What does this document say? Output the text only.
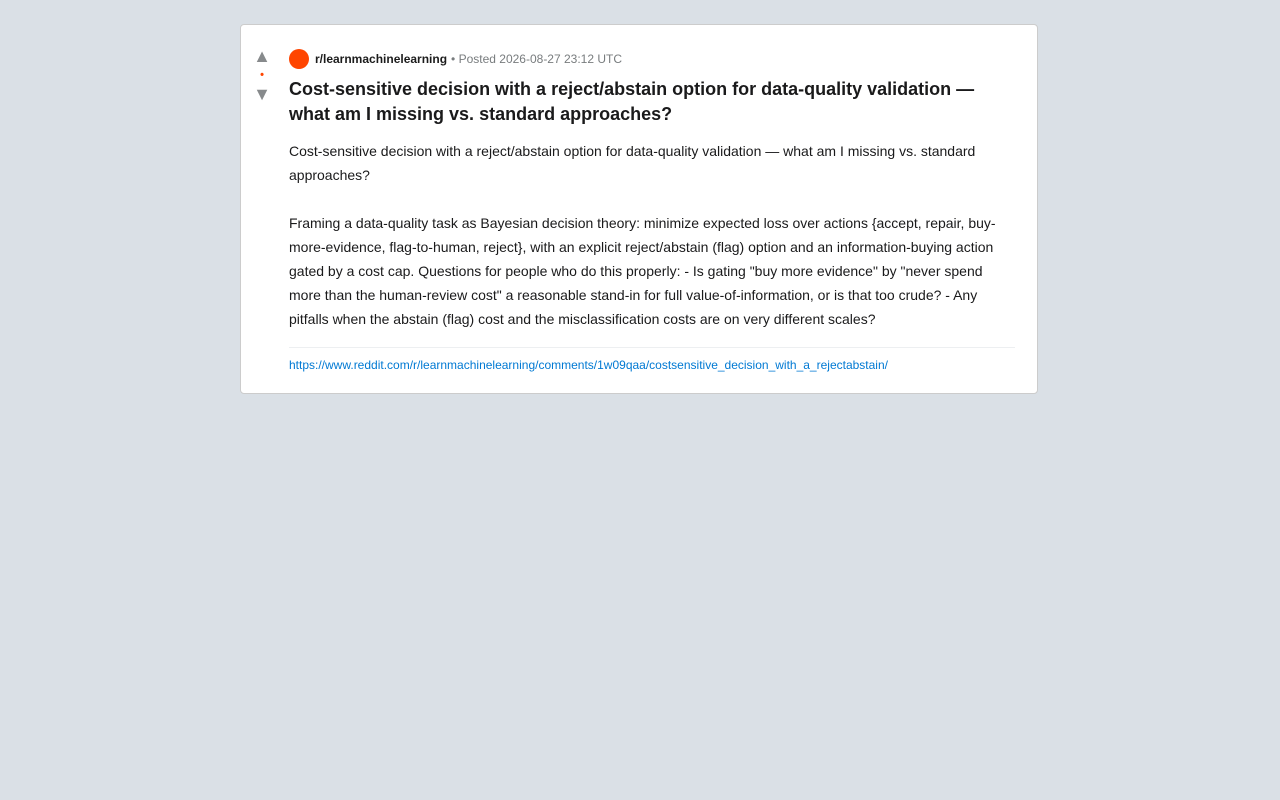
▲
•
▼
r/learnmachinelearning • Posted 2026-08-27 23:12 UTC
Cost-sensitive decision with a reject/abstain option for data-quality validation — what am I missing vs. standard approaches?

Cost-sensitive decision with a reject/abstain option for data-quality validation — what am I missing vs. standard approaches?

Framing a data-quality task as Bayesian decision theory: minimize expected loss over actions {accept, repair, buy-more-evidence, flag-to-human, reject}, with an explicit reject/abstain (flag) option and an information-buying action gated by a cost cap. Questions for people who do this properly: - Is gating "buy more evidence" by "never spend more than the human-review cost" a reasonable stand-in for full value-of-information, or is that too crude? - Any pitfalls when the abstain (flag) cost and the misclassification costs are on very different scales?

https://www.reddit.com/r/learnmachinelearning/comments/1w09qaa/costsensitive_decision_with_a_rejectabstain/
